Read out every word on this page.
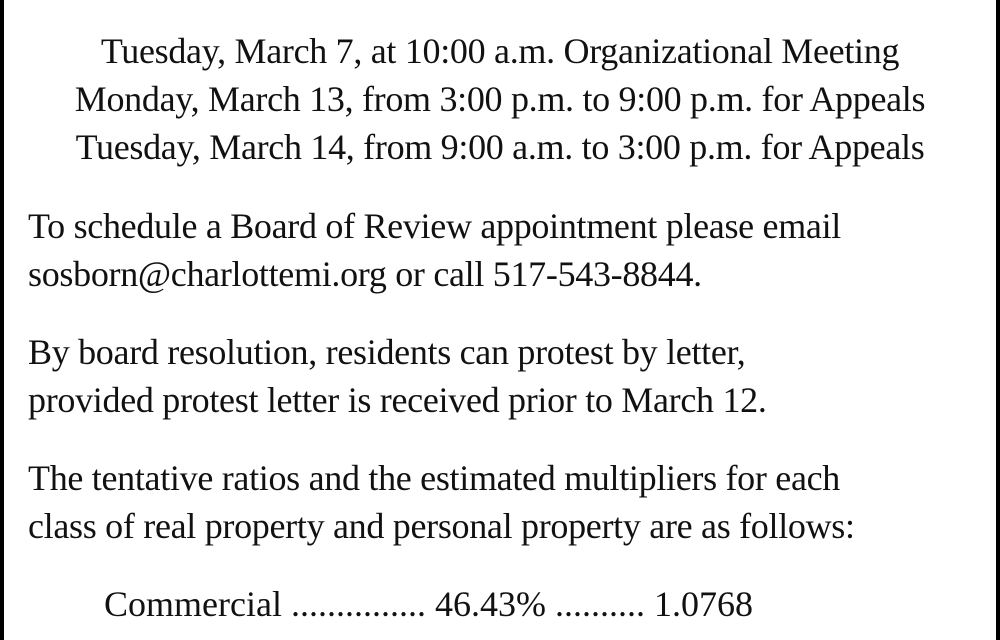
Tuesday, March 7, at 10:00 a.m. Organizational Meeting
Monday, March 13, from 3:00 p.m. to 9:00 p.m. for Appeals
Tuesday, March 14, from 9:00 a.m. to 3:00 p.m. for Appeals
To schedule a Board of Review appointment please email
sosborn@charlottemi.org or call 517-543-8844.
By board resolution, residents can protest by letter,
provided protest letter is received prior to March 12.
The tentative ratios and the estimated multipliers for each
class of real property and personal property are as follows:
Commercial ............... 46.43% .......... 1.0768
